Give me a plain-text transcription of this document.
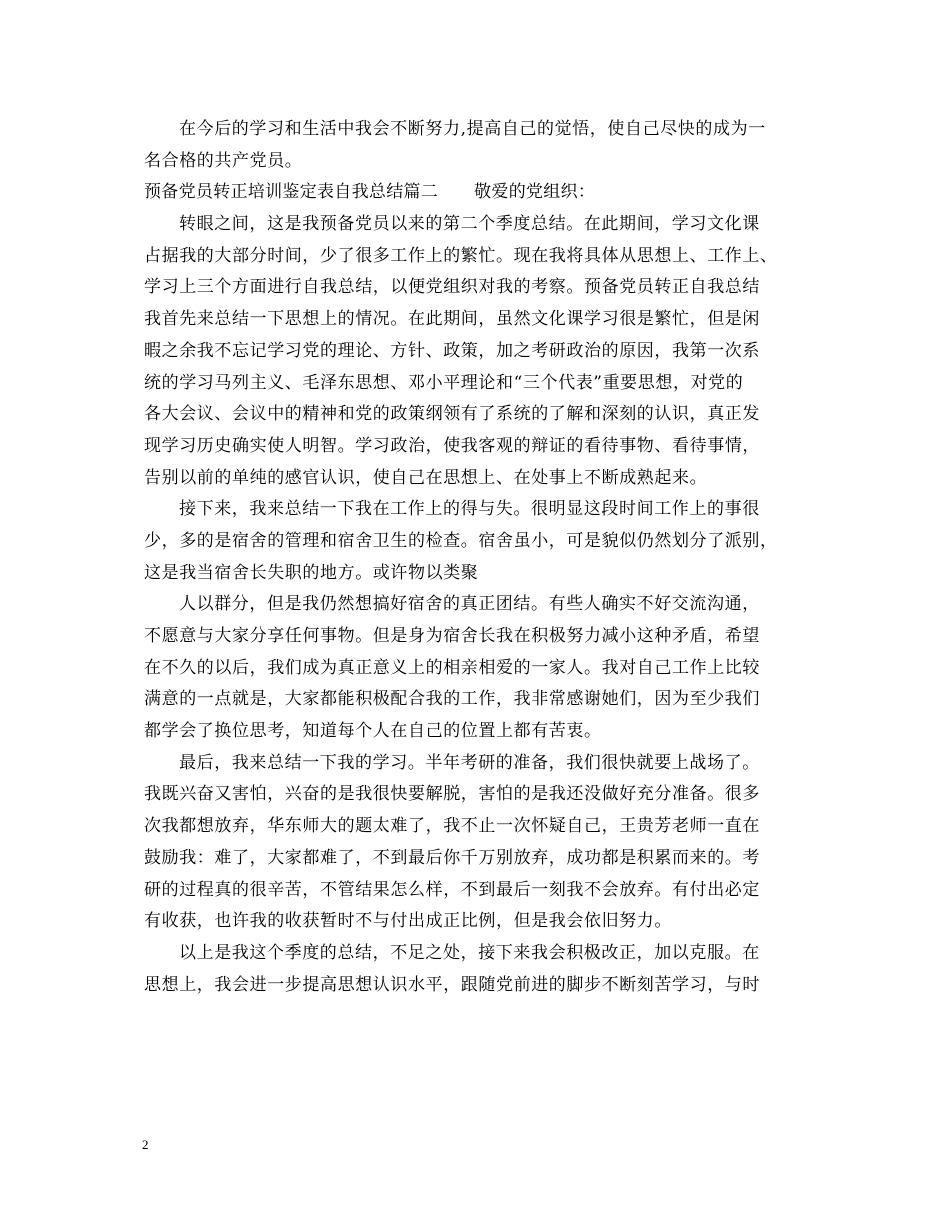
在今后的学习和生活中我会不断努力,提高自己的觉悟，使自己尽快的成为一
名合格的共产党员。
预备党员转正培训鉴定表自我总结篇二 敬爱的党组织：
转眼之间，这是我预备党员以来的第二个季度总结。在此期间，学习文化课
占据我的大部分时间，少了很多工作上的繁忙。现在我将具体从思想上、工作上、
学习上三个方面进行自我总结，以便党组织对我的考察。预备党员转正自我总结
我首先来总结一下思想上的情况。在此期间，虽然文化课学习很是繁忙，但是闲
暇之余我不忘记学习党的理论、方针、政策，加之考研政治的原因，我第一次系
统的学习马列主义、毛泽东思想、邓小平理论和“三个代表”重要思想，对党的
各大会议、会议中的精神和党的政策纲领有了系统的了解和深刻的认识，真正发
现学习历史确实使人明智。学习政治，使我客观的辩证的看待事物、看待事情，
告别以前的单纯的感官认识，使自己在思想上、在处事上不断成熟起来。
接下来，我来总结一下我在工作上的得与失。很明显这段时间工作上的事很
少，多的是宿舍的管理和宿舍卫生的检查。宿舍虽小，可是貌似仍然划分了派别，
这是我当宿舍长失职的地方。或许物以类聚
人以群分，但是我仍然想搞好宿舍的真正团结。有些人确实不好交流沟通，
不愿意与大家分享任何事物。但是身为宿舍长我在积极努力减小这种矛盾，希望
在不久的以后，我们成为真正意义上的相亲相爱的一家人。我对自己工作上比较
满意的一点就是，大家都能积极配合我的工作，我非常感谢她们，因为至少我们
都学会了换位思考，知道每个人在自己的位置上都有苦衷。
最后，我来总结一下我的学习。半年考研的准备，我们很快就要上战场了。
我既兴奋又害怕，兴奋的是我很快要解脱，害怕的是我还没做好充分准备。很多
次我都想放弃，华东师大的题太难了，我不止一次怀疑自己，王贵芳老师一直在
鼓励我：难了，大家都难了，不到最后你千万别放弃，成功都是积累而来的。考
研的过程真的很辛苦，不管结果怎么样，不到最后一刻我不会放弃。有付出必定
有收获，也许我的收获暂时不与付出成正比例，但是我会依旧努力。
以上是我这个季度的总结，不足之处，接下来我会积极改正，加以克服。在
思想上，我会进一步提高思想认识水平，跟随党前进的脚步不断刻苦学习，与时
2
